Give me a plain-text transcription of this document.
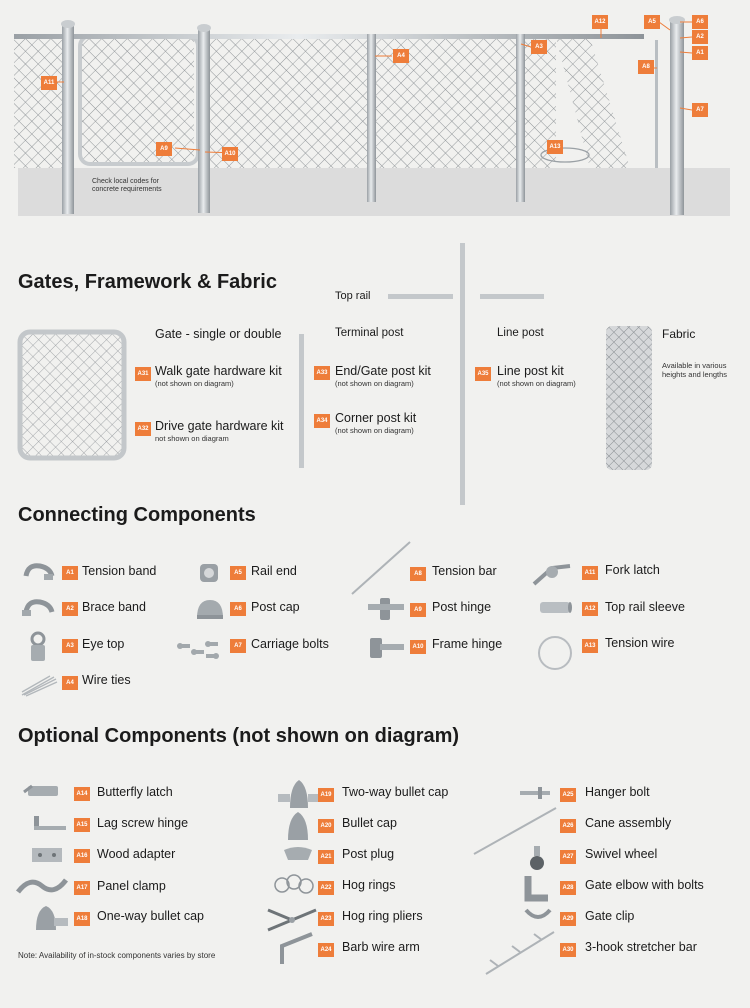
A11
A9
A10
A4
A12
A3
A5	A6
A2
A1
A8
A7
A13
Check local codes for concrete requirements
Gates, Framework & Fabric
Top rail
Gate - single or double
A31 Walk gate hardware kit
(not shown on diagram)
A32 Drive gate hardware kit
not shown on diagram
Terminal post
A33 End/Gate post kit
(not shown on diagram)
A34 Corner post kit
(not shown on diagram)
Line post
A35 Line post kit
(not shown on diagram)
Fabric
Available in various heights and lengths
Connecting Components
A1 Tension band
A2 Brace band
A3 Eye top
A4 Wire ties
A5 Rail end
A6 Post cap
A7 Carriage bolts
A8 Tension bar
A9 Post hinge
A10 Frame hinge
A11 Fork latch
A12 Top rail sleeve
A13 Tension wire
Optional Components (not shown on diagram)
A14 Butterfly latch
A15 Lag screw hinge
A16 Wood adapter
A17 Panel clamp
A18 One-way bullet cap
A19 Two-way bullet cap
A20 Bullet cap
A21 Post plug
A22 Hog rings
A23 Hog ring pliers
A24 Barb wire arm
A25 Hanger bolt
A26 Cane assembly
A27 Swivel wheel
A28 Gate elbow with bolts
A29 Gate clip
A30 3-hook stretcher bar
Note: Availability of in-stock components varies by store
